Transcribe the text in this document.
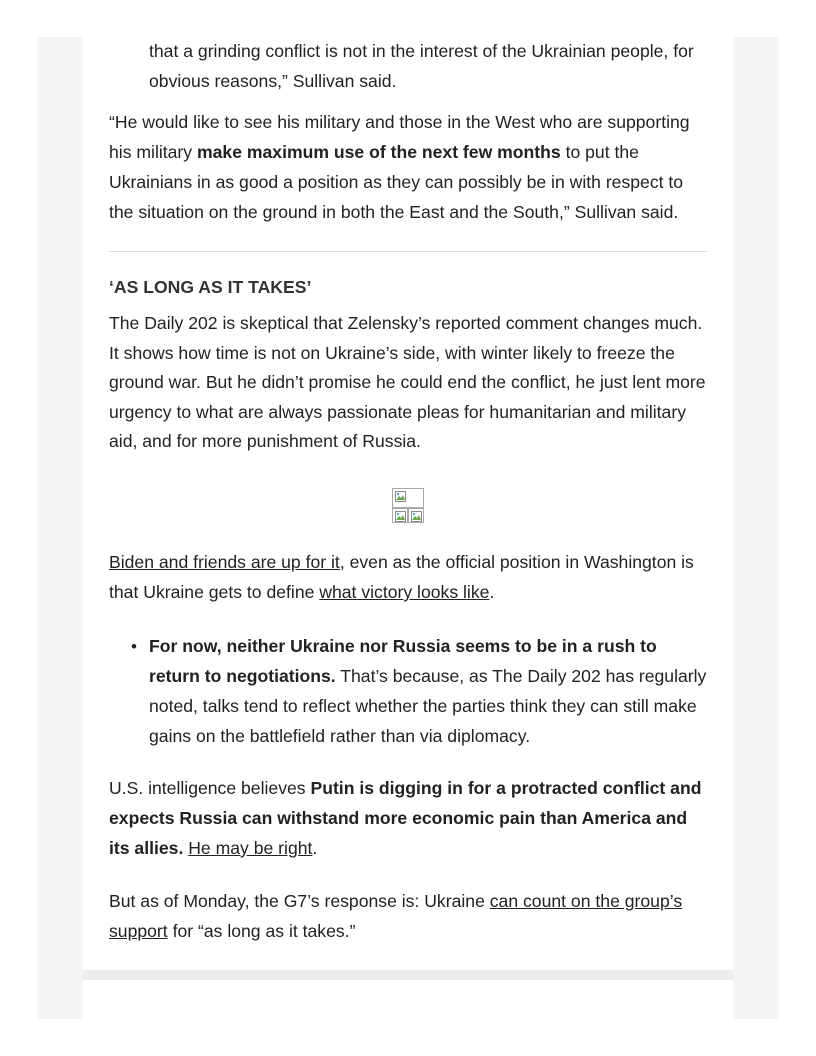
that a grinding conflict is not in the interest of the Ukrainian people, for
obvious reasons,” Sullivan said.

“He would like to see his military and those in the West who are supporting his military make maximum use of the next few months to put the Ukrainians in as good a position as they can possibly be in with respect to the situation on the ground in both the East and the South,” Sullivan said.

‘AS LONG AS IT TAKES’

The Daily 202 is skeptical that Zelensky’s reported comment changes much. It shows how time is not on Ukraine’s side, with winter likely to freeze the ground war. But he didn’t promise he could end the conflict, he just lent more urgency to what are always passionate pleas for humanitarian and military aid, and for more punishment of Russia.

Biden and friends are up for it, even as the official position in Washington is that Ukraine gets to define what victory looks like.

• For now, neither Ukraine nor Russia seems to be in a rush to return to negotiations. That’s because, as The Daily 202 has regularly noted, talks tend to reflect whether the parties think they can still make gains on the battlefield rather than via diplomacy.

U.S. intelligence believes Putin is digging in for a protracted conflict and expects Russia can withstand more economic pain than America and its allies. He may be right.

But as of Monday, the G7’s response is: Ukraine can count on the group’s support for “as long as it takes.”
